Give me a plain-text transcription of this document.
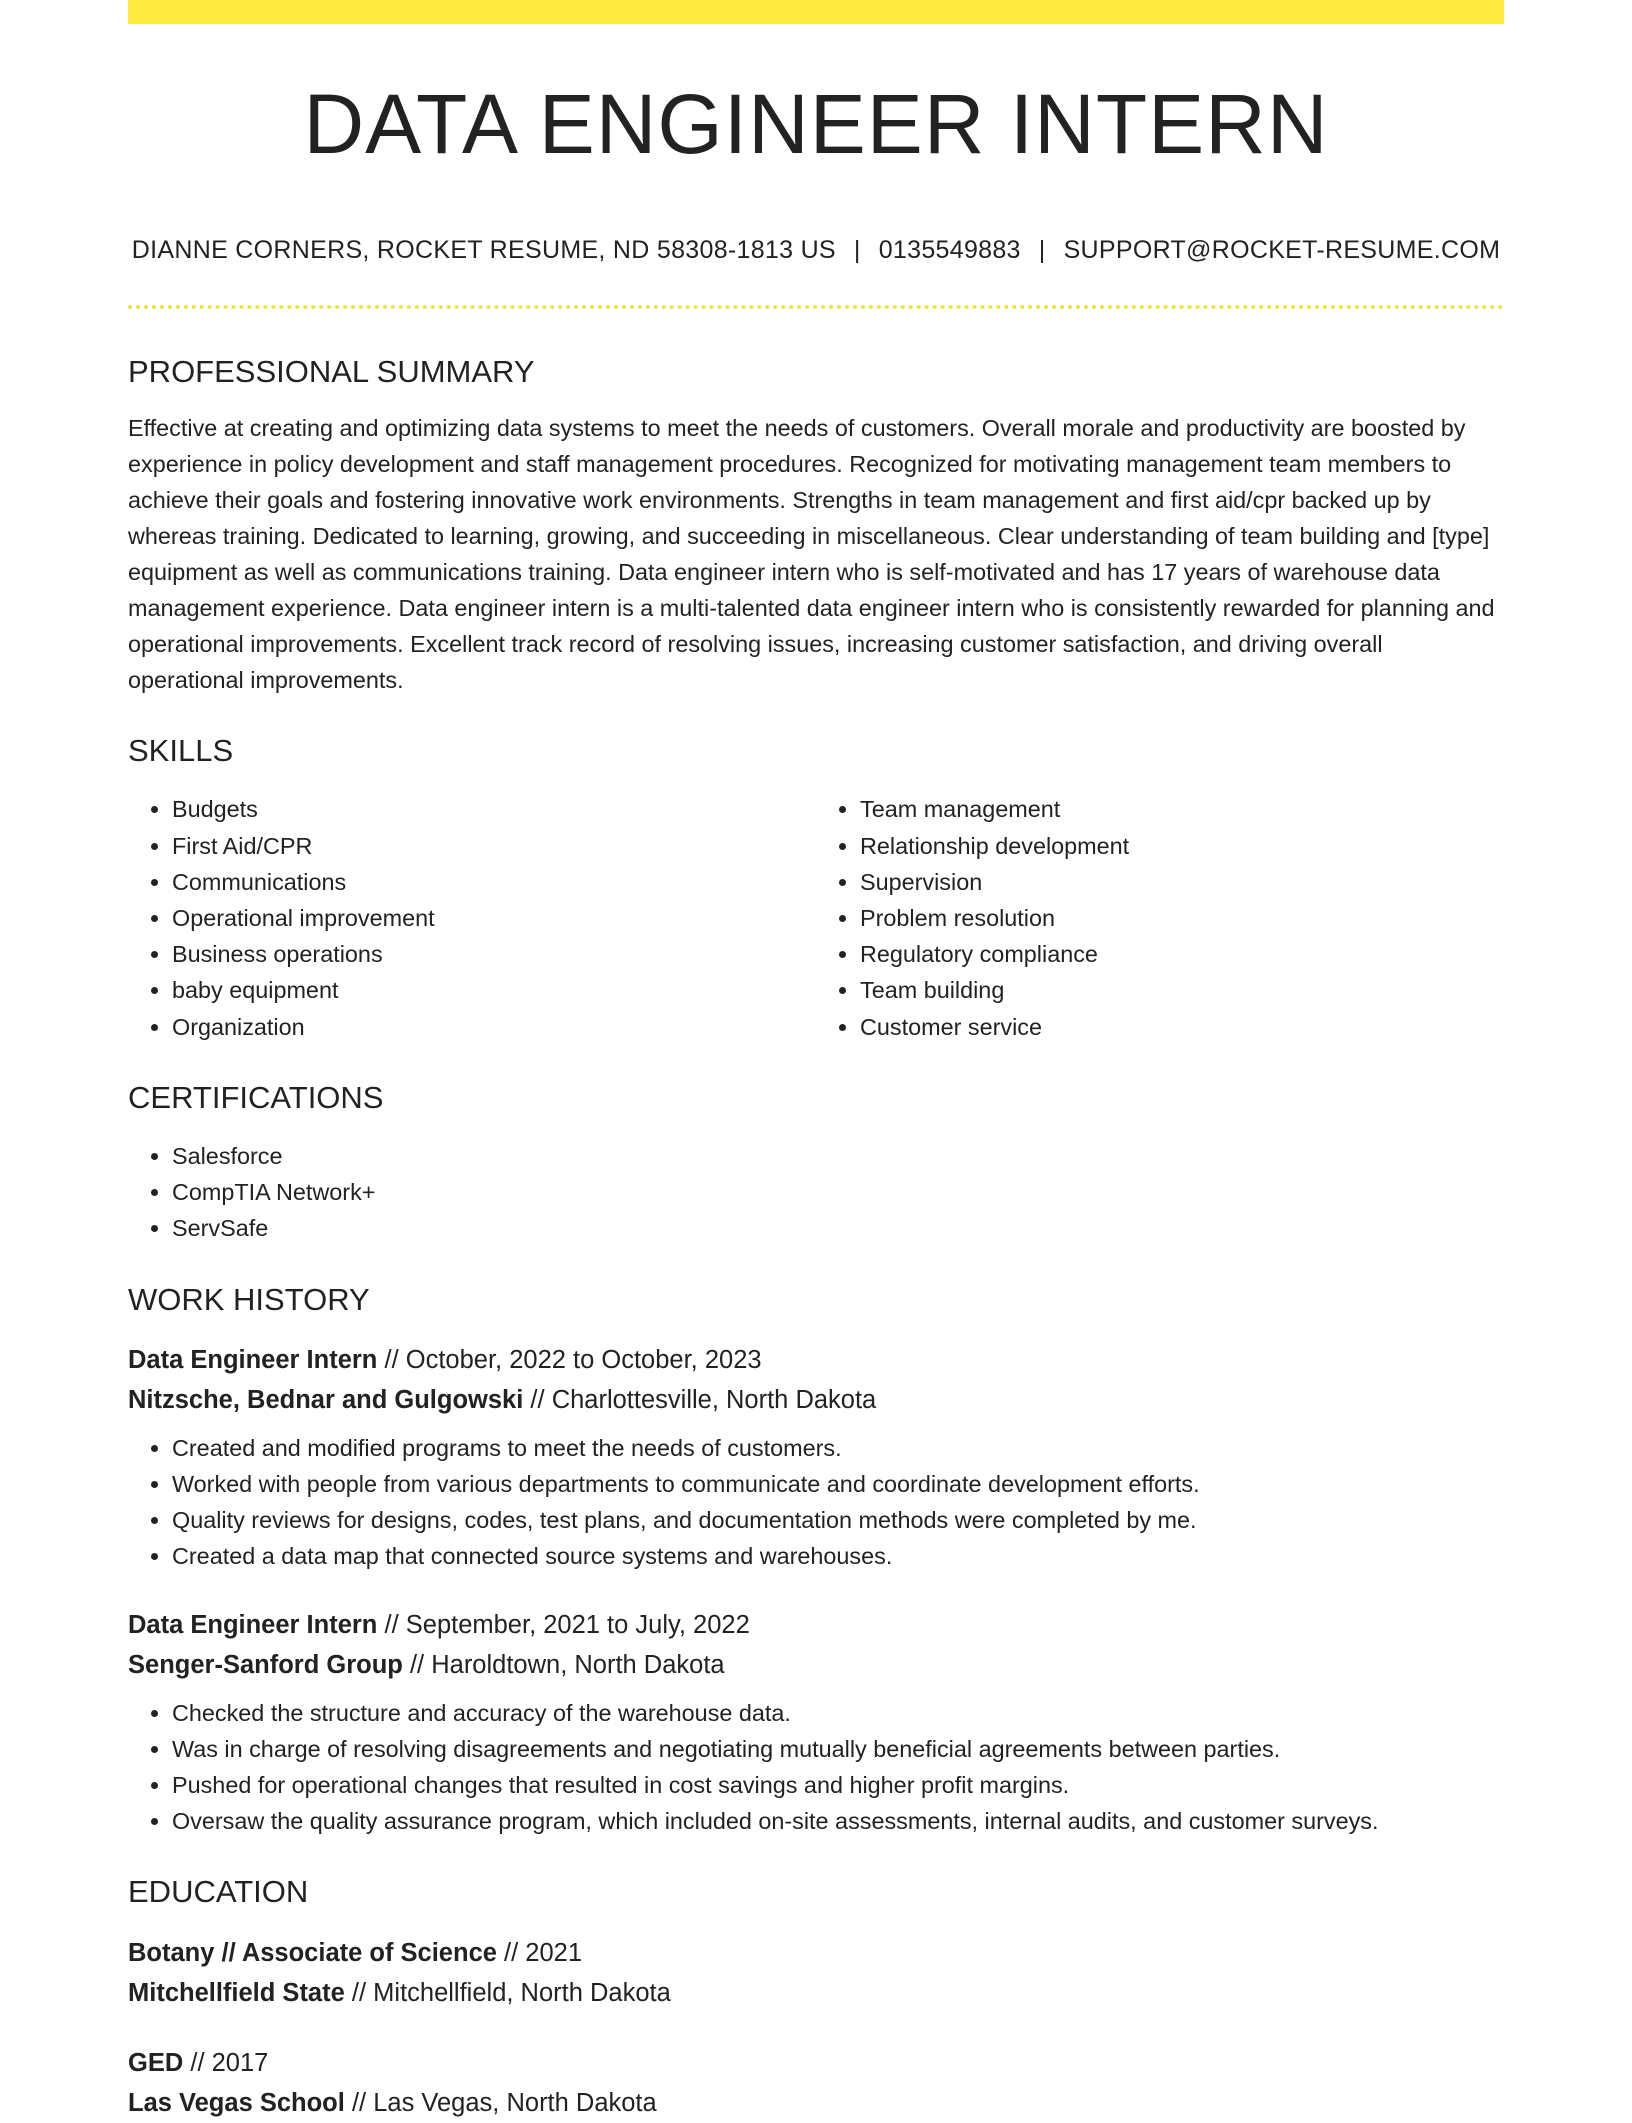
DATA ENGINEER INTERN
DIANNE CORNERS, ROCKET RESUME, ND 58308-1813 US | 0135549883 | SUPPORT@ROCKET-RESUME.COM
PROFESSIONAL SUMMARY

Effective at creating and optimizing data systems to meet the needs of customers. Overall morale and productivity are boosted by experience in policy development and staff management procedures. Recognized for motivating management team members to achieve their goals and fostering innovative work environments. Strengths in team management and first aid/cpr backed up by whereas training. Dedicated to learning, growing, and succeeding in miscellaneous. Clear understanding of team building and [type] equipment as well as communications training. Data engineer intern who is self-motivated and has 17 years of warehouse data management experience. Data engineer intern is a multi-talented data engineer intern who is consistently rewarded for planning and operational improvements. Excellent track record of resolving issues, increasing customer satisfaction, and driving overall operational improvements.

SKILLS
• Budgets
• First Aid/CPR
• Communications
• Operational improvement
• Business operations
• baby equipment
• Organization
• Team management
• Relationship development
• Supervision
• Problem resolution
• Regulatory compliance
• Team building
• Customer service
CERTIFICATIONS
• Salesforce
• CompTIA Network+
• ServSafe
WORK HISTORY
Data Engineer Intern // October, 2022 to October, 2023
Nitzsche, Bednar and Gulgowski // Charlottesville, North Dakota
• Created and modified programs to meet the needs of customers.
• Worked with people from various departments to communicate and coordinate development efforts.
• Quality reviews for designs, codes, test plans, and documentation methods were completed by me.
• Created a data map that connected source systems and warehouses.
Data Engineer Intern // September, 2021 to July, 2022
Senger-Sanford Group // Haroldtown, North Dakota
• Checked the structure and accuracy of the warehouse data.
• Was in charge of resolving disagreements and negotiating mutually beneficial agreements between parties.
• Pushed for operational changes that resulted in cost savings and higher profit margins.
• Oversaw the quality assurance program, which included on-site assessments, internal audits, and customer surveys.
EDUCATION
Botany // Associate of Science // 2021
Mitchellfield State // Mitchellfield, North Dakota
GED // 2017
Las Vegas School // Las Vegas, North Dakota
